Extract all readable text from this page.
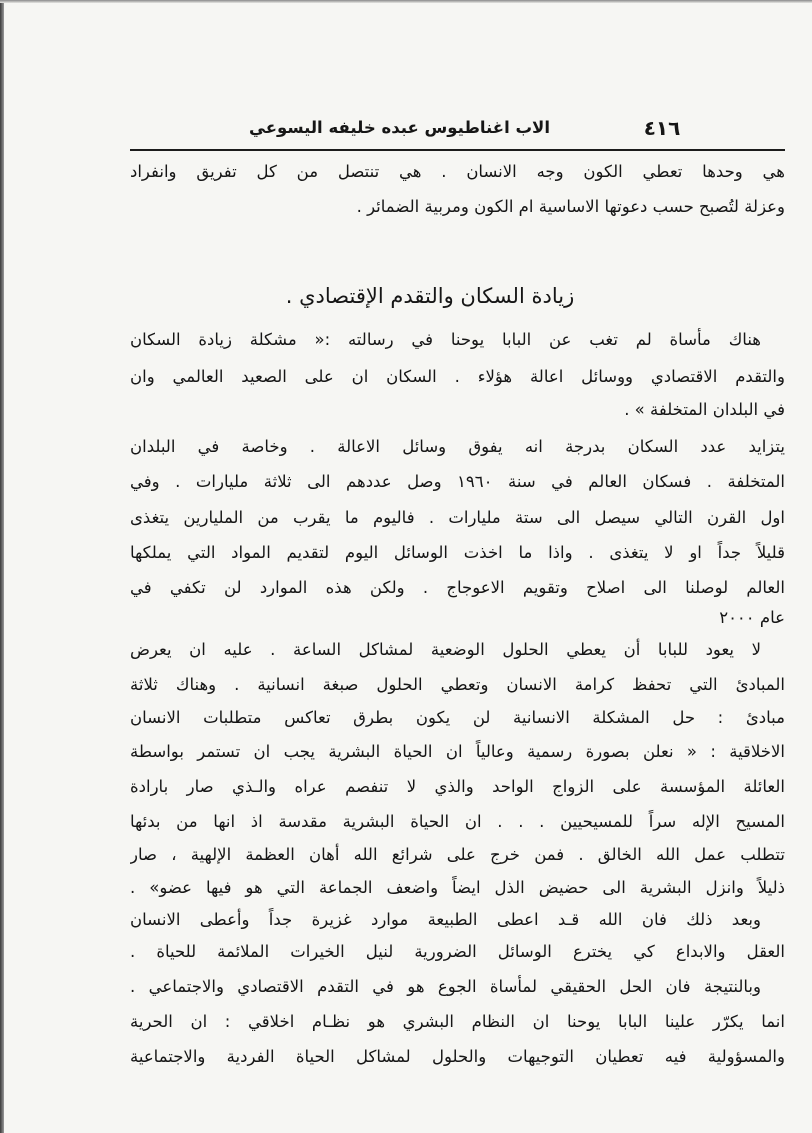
٤١٦
الاب اغناطيوس عبده خليفه اليسوعي
هي وحدها تعطي الكون وجه الانسان . هي تنتصل من كل تفريق وانفراد
وعزلة لتُصبح حسب دعوتها الاساسية ام الكون ومربية الضمائر .
زيادة السكان والتقدم الإقتصادي .
هناك مأساة لم تغب عن البابا يوحنا في رسالته :« مشكلة زيادة السكان
والتقدم الاقتصادي ووسائل اعالة هؤلاء . السكان ان على الصعيد العالمي وان
في البلدان المتخلفة » .
يتزايد عدد السكان بدرجة انه يفوق وسائل الاعالة . وخاصة في البلدان
المتخلفة . فسكان العالم في سنة ١٩٦٠ وصل عددهم الى ثلاثة مليارات . وفي
اول القرن التالي سيصل الى ستة مليارات . فاليوم ما يقرب من المليارين يتغذى
قليلاً جداً او لا يتغذى . واذا ما اخذت الوسائل اليوم لتقديم المواد التي يملكها
العالم لوصلنا الى اصلاح وتقويم الاعوجاج . ولكن هذه الموارد لن تكفي في
عام ٢٠٠٠
لا يعود للبابا أن يعطي الحلول الوضعية لمشاكل الساعة . عليه ان يعرض
المبادئ التي تحفظ كرامة الانسان وتعطي الحلول صبغة انسانية . وهناك ثلاثة
مبادئ : حل المشكلة الانسانية لن يكون بطرق تعاكس متطلبات الانسان
الاخلاقية : « نعلن بصورة رسمية وعالياً ان الحياة البشرية يجب ان تستمر بواسطة
العائلة المؤسسة على الزواج الواحد والذي لا تنفصم عراه والـذي صار بارادة
المسيح الإله سراً للمسيحيين . . . ان الحياة البشرية مقدسة اذ انها من بدئها
تتطلب عمل الله الخالق . فمن خرج على شرائع الله أهان العظمة الإلهية ، صار
ذليلاً وانزل البشرية الى حضيض الذل ايضاً واضعف الجماعة التي هو فيها عضو» .
وبعد ذلك فان الله قـد اعطى الطبيعة موارد غزيرة جداً وأعطى الانسان
العقل والابداع كي يخترع الوسائل الضرورية لنيل الخيرات الملائمة للحياة .
وبالنتيجة فان الحل الحقيقي لمأساة الجوع هو في التقدم الاقتصادي والاجتماعي .
انما يكرّر علينا البابا يوحنا ان النظام البشري هو نظـام اخلاقي : ان الحرية
والمسؤولية فيه تعطيان التوجيهات والحلول لمشاكل الحياة الفردية والاجتماعية
